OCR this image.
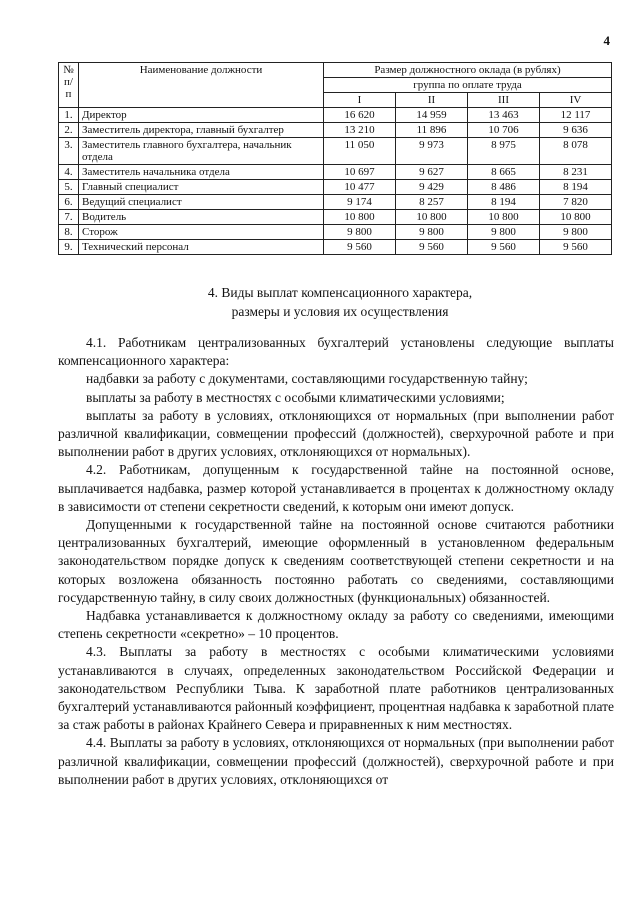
4
№ п/п	Наименование должности	Размер должностного оклада (в рублях)			
		группа по оплате труда			
		I	II	III	IV
1.	Директор	16 620	14 959	13 463	12 117
2.	Заместитель директора, главный бухгалтер	13 210	11 896	10 706	9 636
3.	Заместитель главного бухгалтера, начальник отдела	11 050	9 973	8 975	8 078
4.	Заместитель начальника отдела	10 697	9 627	8 665	8 231
5.	Главный специалист	10 477	9 429	8 486	8 194
6.	Ведущий специалист	9 174	8 257	8 194	7 820
7.	Водитель	10 800	10 800	10 800	10 800
8.	Сторож	9 800	9 800	9 800	9 800
9.	Технический персонал	9 560	9 560	9 560	9 560
4. Виды выплат компенсационного характера,
размеры и условия их осуществления

4.1. Работникам централизованных бухгалтерий установлены следующие выплаты компенсационного характера:

надбавки за работу с документами, составляющими государственную тайну;

выплаты за работу в местностях с особыми климатическими условиями;

выплаты за работу в условиях, отклоняющихся от нормальных (при выполнении работ различной квалификации, совмещении профессий (должностей), сверхурочной работе и при выполнении работ в других условиях, отклоняющихся от нормальных).

4.2. Работникам, допущенным к государственной тайне на постоянной основе, выплачивается надбавка, размер которой устанавливается в процентах к должностному окладу в зависимости от степени секретности сведений, к которым они имеют допуск.

Допущенными к государственной тайне на постоянной основе считаются работники централизованных бухгалтерий, имеющие оформленный в установленном федеральным законодательством порядке допуск к сведениям соответствующей степени секретности и на которых возложена обязанность постоянно работать со сведениями, составляющими государственную тайну, в силу своих должностных (функциональных) обязанностей.

Надбавка устанавливается к должностному окладу за работу со сведениями, имеющими степень секретности «секретно» – 10 процентов.

4.3. Выплаты за работу в местностях с особыми климатическими условиями устанавливаются в случаях, определенных законодательством Российской Федерации и законодательством Республики Тыва. К заработной плате работников централизованных бухгалтерий устанавливаются районный коэффициент, процентная надбавка к заработной плате за стаж работы в районах Крайнего Севера и приравненных к ним местностях.

4.4. Выплаты за работу в условиях, отклоняющихся от нормальных (при выполнении работ различной квалификации, совмещении профессий (должностей), сверхурочной работе и при выполнении работ в других условиях, отклоняющихся от
